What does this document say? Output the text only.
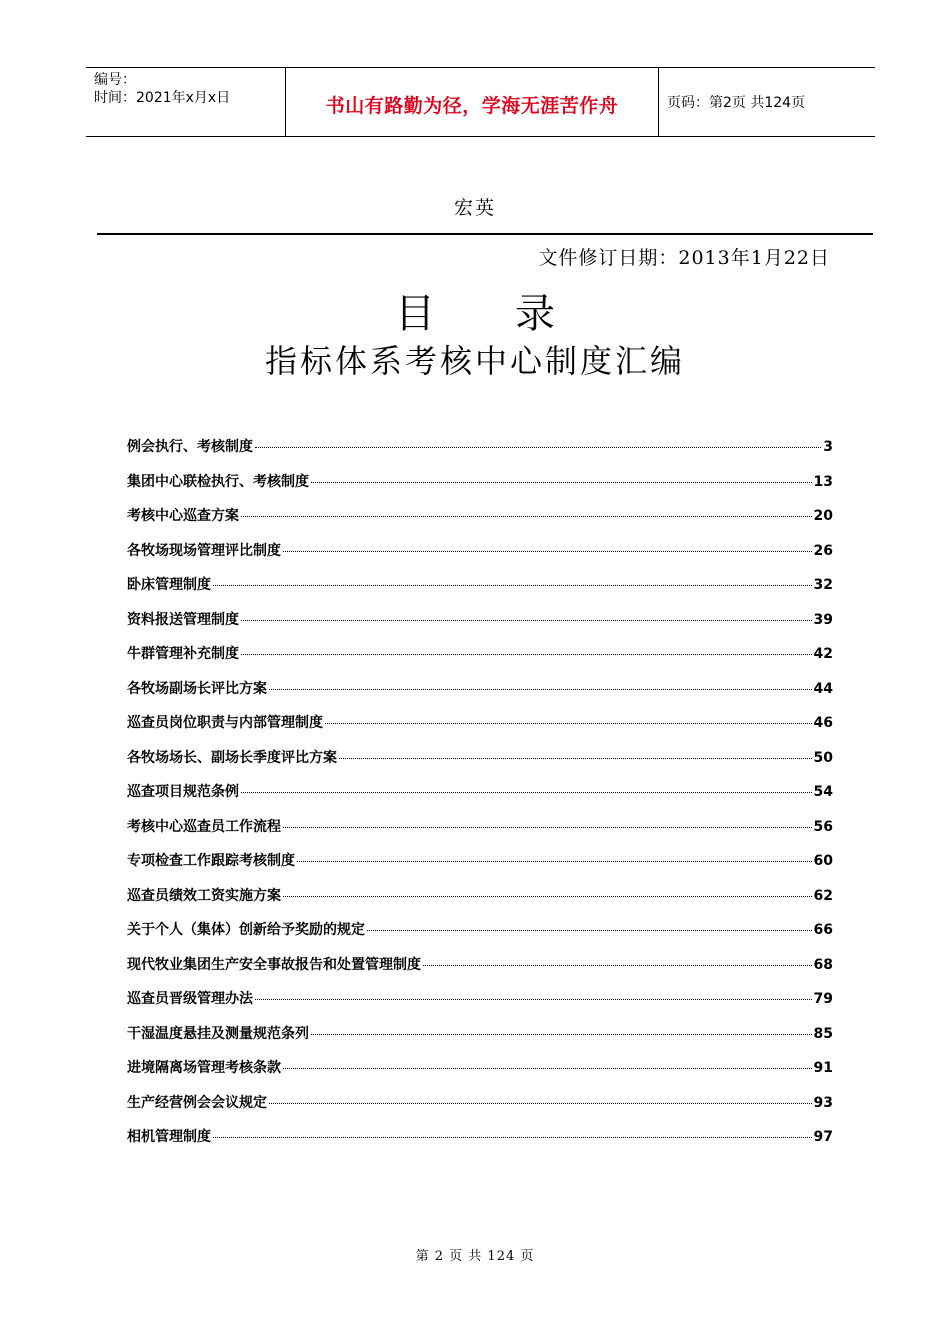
编号：
时间：2021年x月x日	书山有路勤为径，学海无涯苦作舟	页码：第2页 共124页
宏英
文件修订日期：2013年1月22日
目录
指标体系考核中心制度汇编
例会执行、考核制度	3
集团中心联检执行、考核制度	13
考核中心巡查方案	20
各牧场现场管理评比制度	26
卧床管理制度	32
资料报送管理制度	39
牛群管理补充制度	42
各牧场副场长评比方案	44
巡查员岗位职责与内部管理制度	46
各牧场场长、副场长季度评比方案	50
巡查项目规范条例	54
考核中心巡查员工作流程	56
专项检查工作跟踪考核制度	60
巡查员绩效工资实施方案	62
关于个人（集体）创新给予奖励的规定	66
现代牧业集团生产安全事故报告和处置管理制度	68
巡查员晋级管理办法	79
干湿温度悬挂及测量规范条列	85
进境隔离场管理考核条款	91
生产经营例会会议规定	93
相机管理制度	97
第 2 页 共 124 页
